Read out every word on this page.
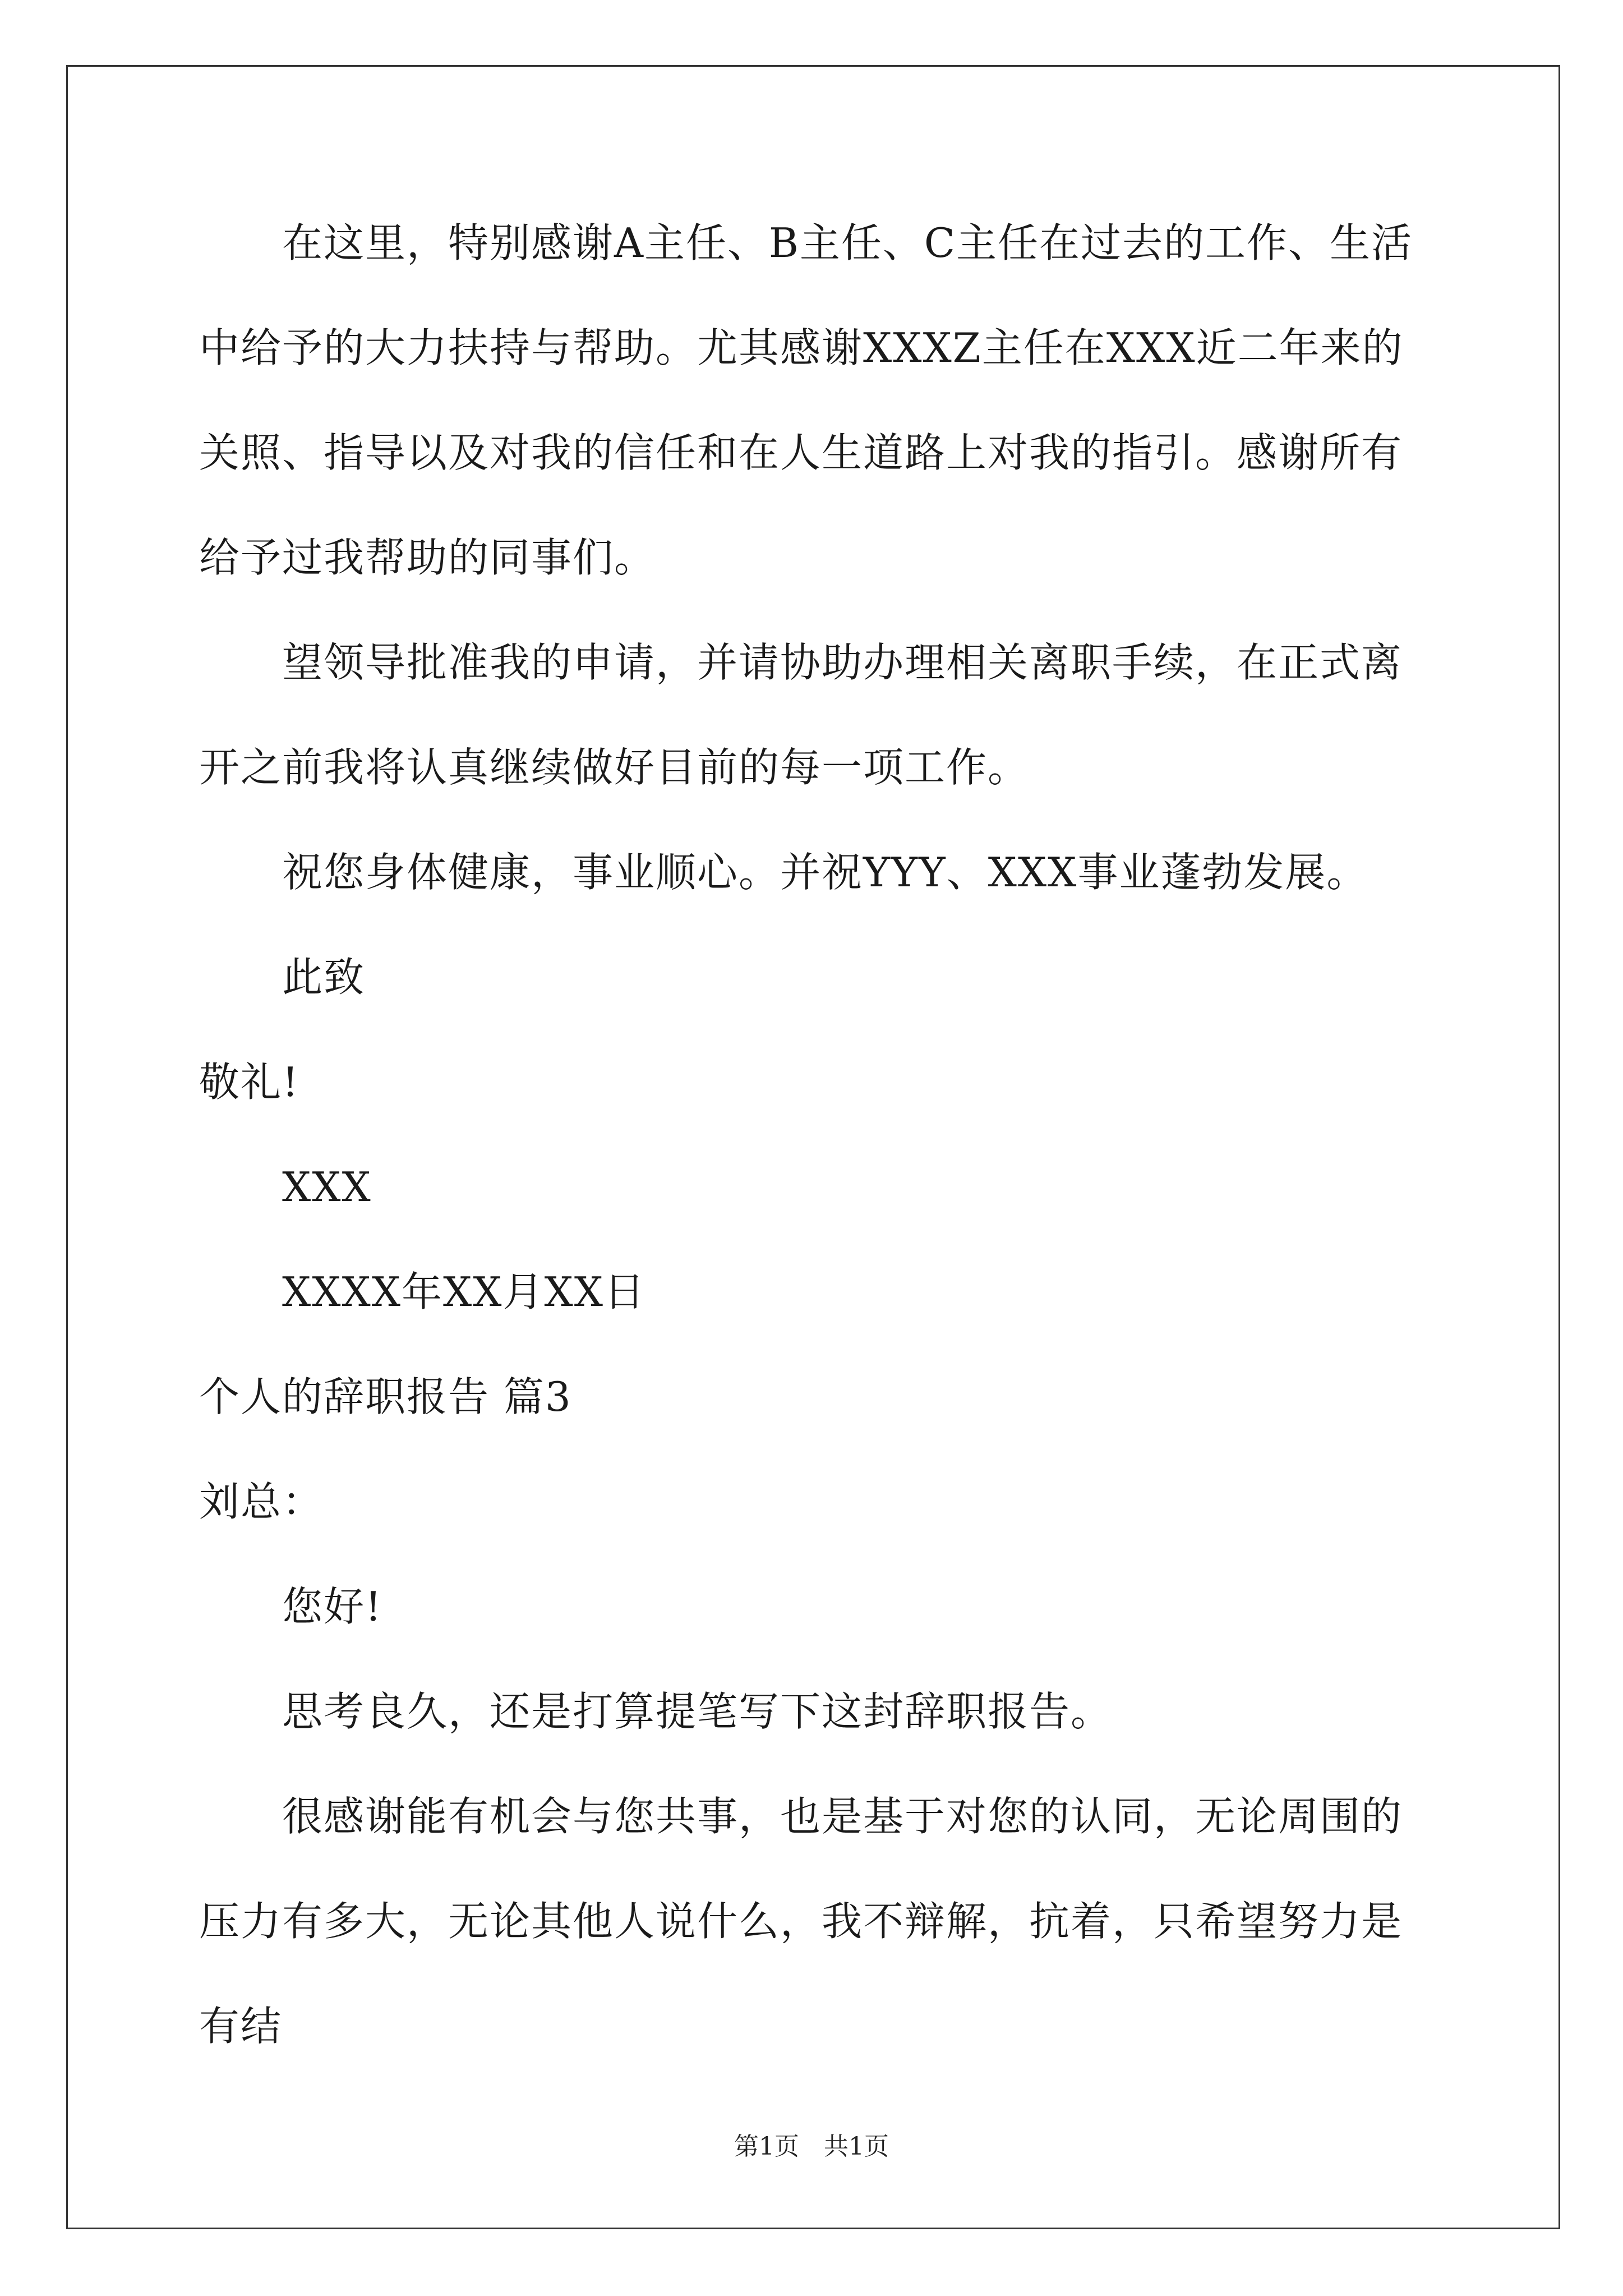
在这里，特别感谢A主任、B主任、C主任在过去的工作、生活中给予的大力扶持与帮助。尤其感谢XXXZ主任在XXX近二年来的关照、指导以及对我的信任和在人生道路上对我的指引。感谢所有给予过我帮助的同事们。

望领导批准我的申请，并请协助办理相关离职手续，在正式离开之前我将认真继续做好目前的每一项工作。

祝您身体健康，事业顺心。并祝YYY、XXX事业蓬勃发展。

此致

敬礼!

XXX

XXXX年XX月XX日

个人的辞职报告 篇3

刘总：

您好!

思考良久，还是打算提笔写下这封辞职报告。

很感谢能有机会与您共事，也是基于对您的认同，无论周围的压力有多大，无论其他人说什么，我不辩解，抗着，只希望努力是有结

第1页　共1页
